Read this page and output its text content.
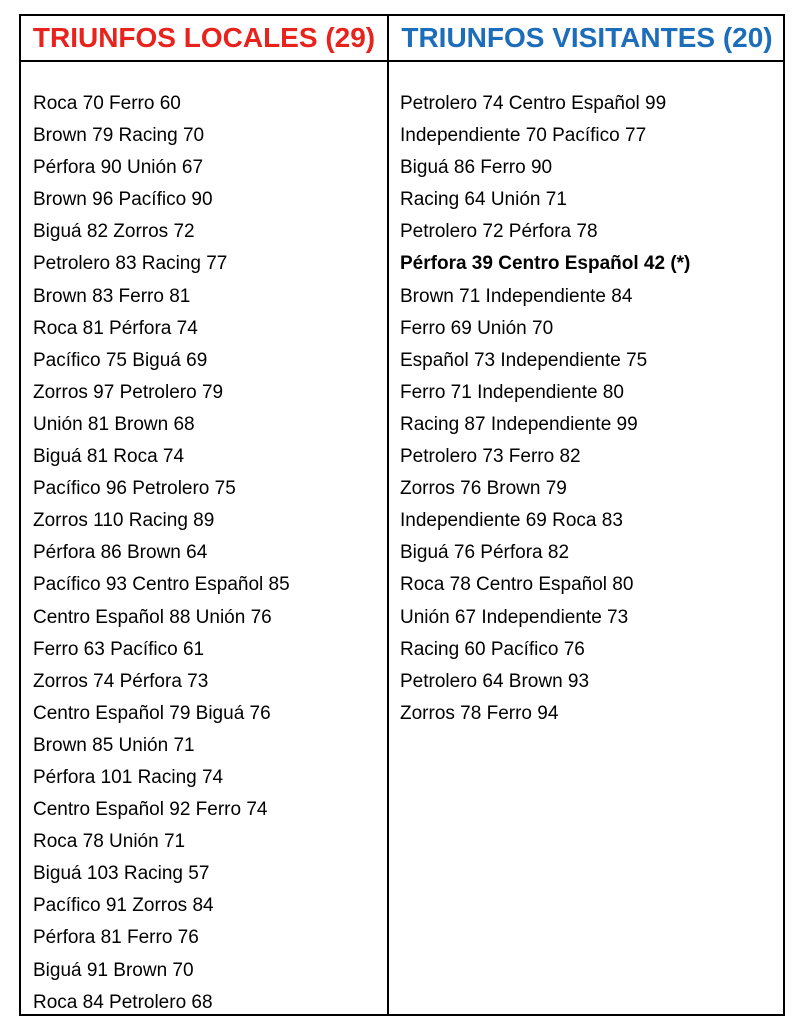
TRIUNFOS LOCALES (29) TRIUNFOS VISITANTES (20)
Roca 70 Ferro 60
Brown 79 Racing 70
Pérfora 90 Unión 67
Brown 96 Pacífico 90
Biguá 82 Zorros 72
Petrolero 83 Racing 77
Brown 83 Ferro 81
Roca 81 Pérfora 74
Pacífico 75 Biguá 69
Zorros 97 Petrolero 79
Unión 81 Brown 68
Biguá 81 Roca 74
Pacífico 96 Petrolero 75
Zorros 110 Racing 89
Pérfora 86 Brown 64
Pacífico 93 Centro Español 85
Centro Español 88 Unión 76
Ferro 63 Pacífico 61
Zorros 74 Pérfora 73
Centro Español 79 Biguá 76
Brown 85 Unión 71
Pérfora 101 Racing 74
Centro Español 92 Ferro 74
Roca 78 Unión 71
Biguá 103 Racing 57
Pacífico 91 Zorros 84
Pérfora 81 Ferro 76
Biguá 91 Brown 70
Roca 84 Petrolero 68
Petrolero 74 Centro Español 99
Independiente 70 Pacífico 77
Biguá 86 Ferro 90
Racing 64 Unión 71
Petrolero 72 Pérfora 78
Pérfora 39 Centro Español 42 (*)
Brown 71 Independiente 84
Ferro 69 Unión 70
Español 73 Independiente 75
Ferro 71 Independiente 80
Racing 87 Independiente 99
Petrolero 73 Ferro 82
Zorros 76 Brown 79
Independiente 69 Roca 83
Biguá 76 Pérfora 82
Roca 78 Centro Español 80
Unión 67 Independiente 73
Racing 60 Pacífico 76
Petrolero 64 Brown 93
Zorros 78 Ferro 94
